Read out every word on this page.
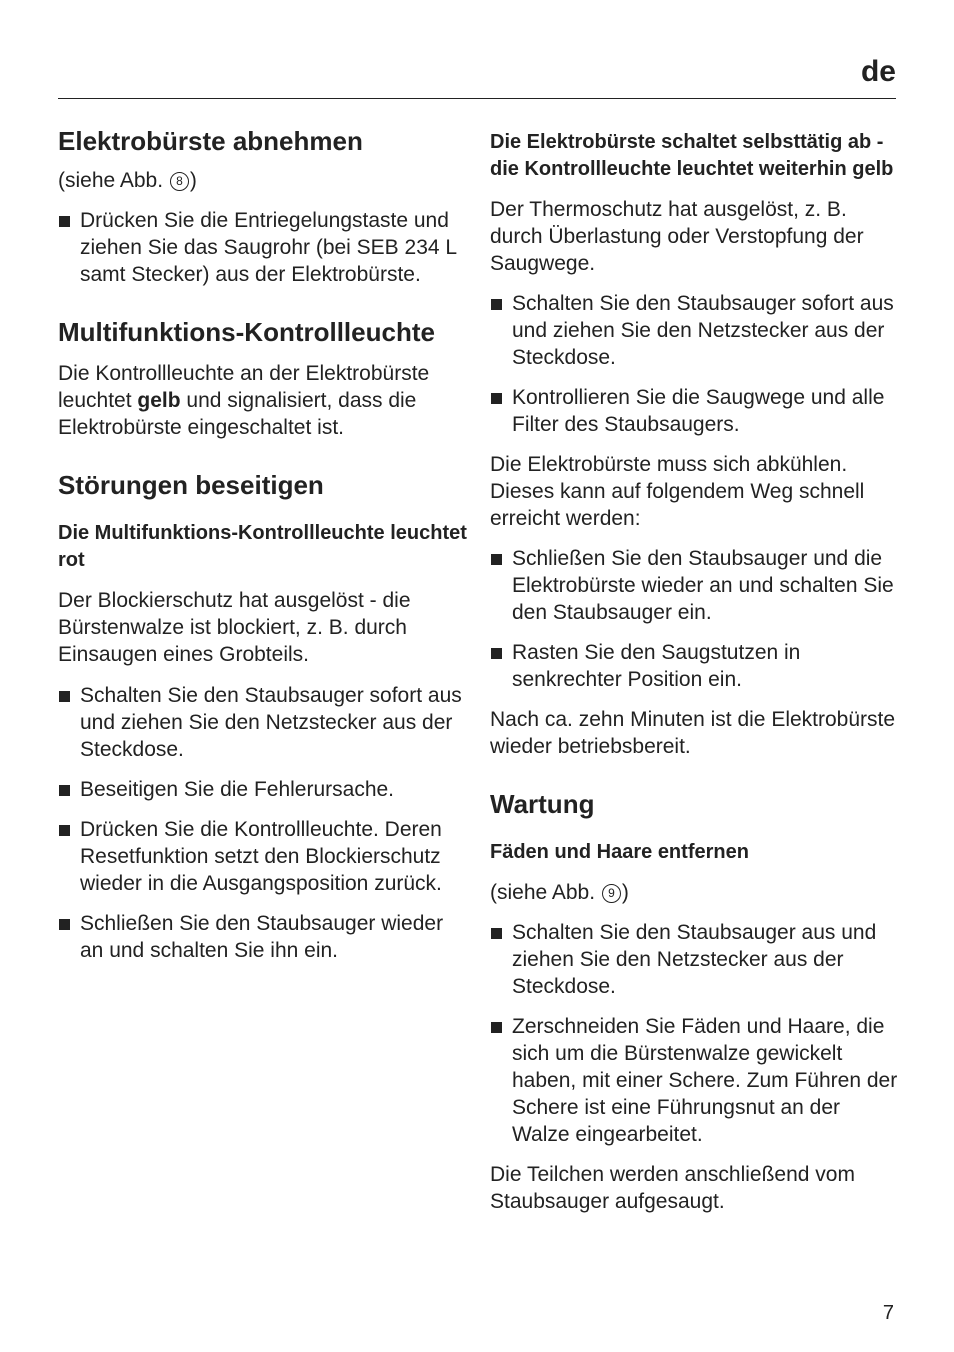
de
Elektrobürste abnehmen

(siehe Abb. 8 )

Drücken Sie die Entriegelungstaste und ziehen Sie das Saugrohr (bei SEB 234 L samt Stecker) aus der Elektrobürste.
Multifunktions-Kontrollleuchte

Die Kontrollleuchte an der Elektrobürste leuchtet gelb und signalisiert, dass die Elektrobürste eingeschaltet ist.

Störungen beseitigen
Die Multifunktions-Kontrollleuchte leuchtet rot

Der Blockierschutz hat ausgelöst - die Bürstenwalze ist blockiert, z. B. durch Einsaugen eines Grobteils.

Schalten Sie den Staubsauger sofort aus und ziehen Sie den Netzstecker aus der Steckdose.
Beseitigen Sie die Fehlerursache.
Drücken Sie die Kontrollleuchte. Deren Resetfunktion setzt den Blockierschutz wieder in die Ausgangsposition zurück.
Schließen Sie den Staubsauger wieder an und schalten Sie ihn ein.
Die Elektrobürste schaltet selbsttätig ab - die Kontrollleuchte leuchtet weiterhin gelb

Der Thermoschutz hat ausgelöst, z. B. durch Überlastung oder Verstopfung der Saugwege.

Schalten Sie den Staubsauger sofort aus und ziehen Sie den Netzstecker aus der Steckdose.
Kontrollieren Sie die Saugwege und alle Filter des Staubsaugers.

Die Elektrobürste muss sich abkühlen. Dieses kann auf folgendem Weg schnell erreicht werden:

Schließen Sie den Staubsauger und die Elektrobürste wieder an und schalten Sie den Staubsauger ein.
Rasten Sie den Saugstutzen in senkrechter Position ein.

Nach ca. zehn Minuten ist die Elektrobürste wieder betriebsbereit.

Wartung
Fäden und Haare entfernen

(siehe Abb. 9 )

Schalten Sie den Staubsauger aus und ziehen Sie den Netzstecker aus der Steckdose.
Zerschneiden Sie Fäden und Haare, die sich um die Bürstenwalze gewickelt haben, mit einer Schere. Zum Führen der Schere ist eine Führungsnut an der Walze eingearbeitet.

Die Teilchen werden anschließend vom Staubsauger aufgesaugt.

7
